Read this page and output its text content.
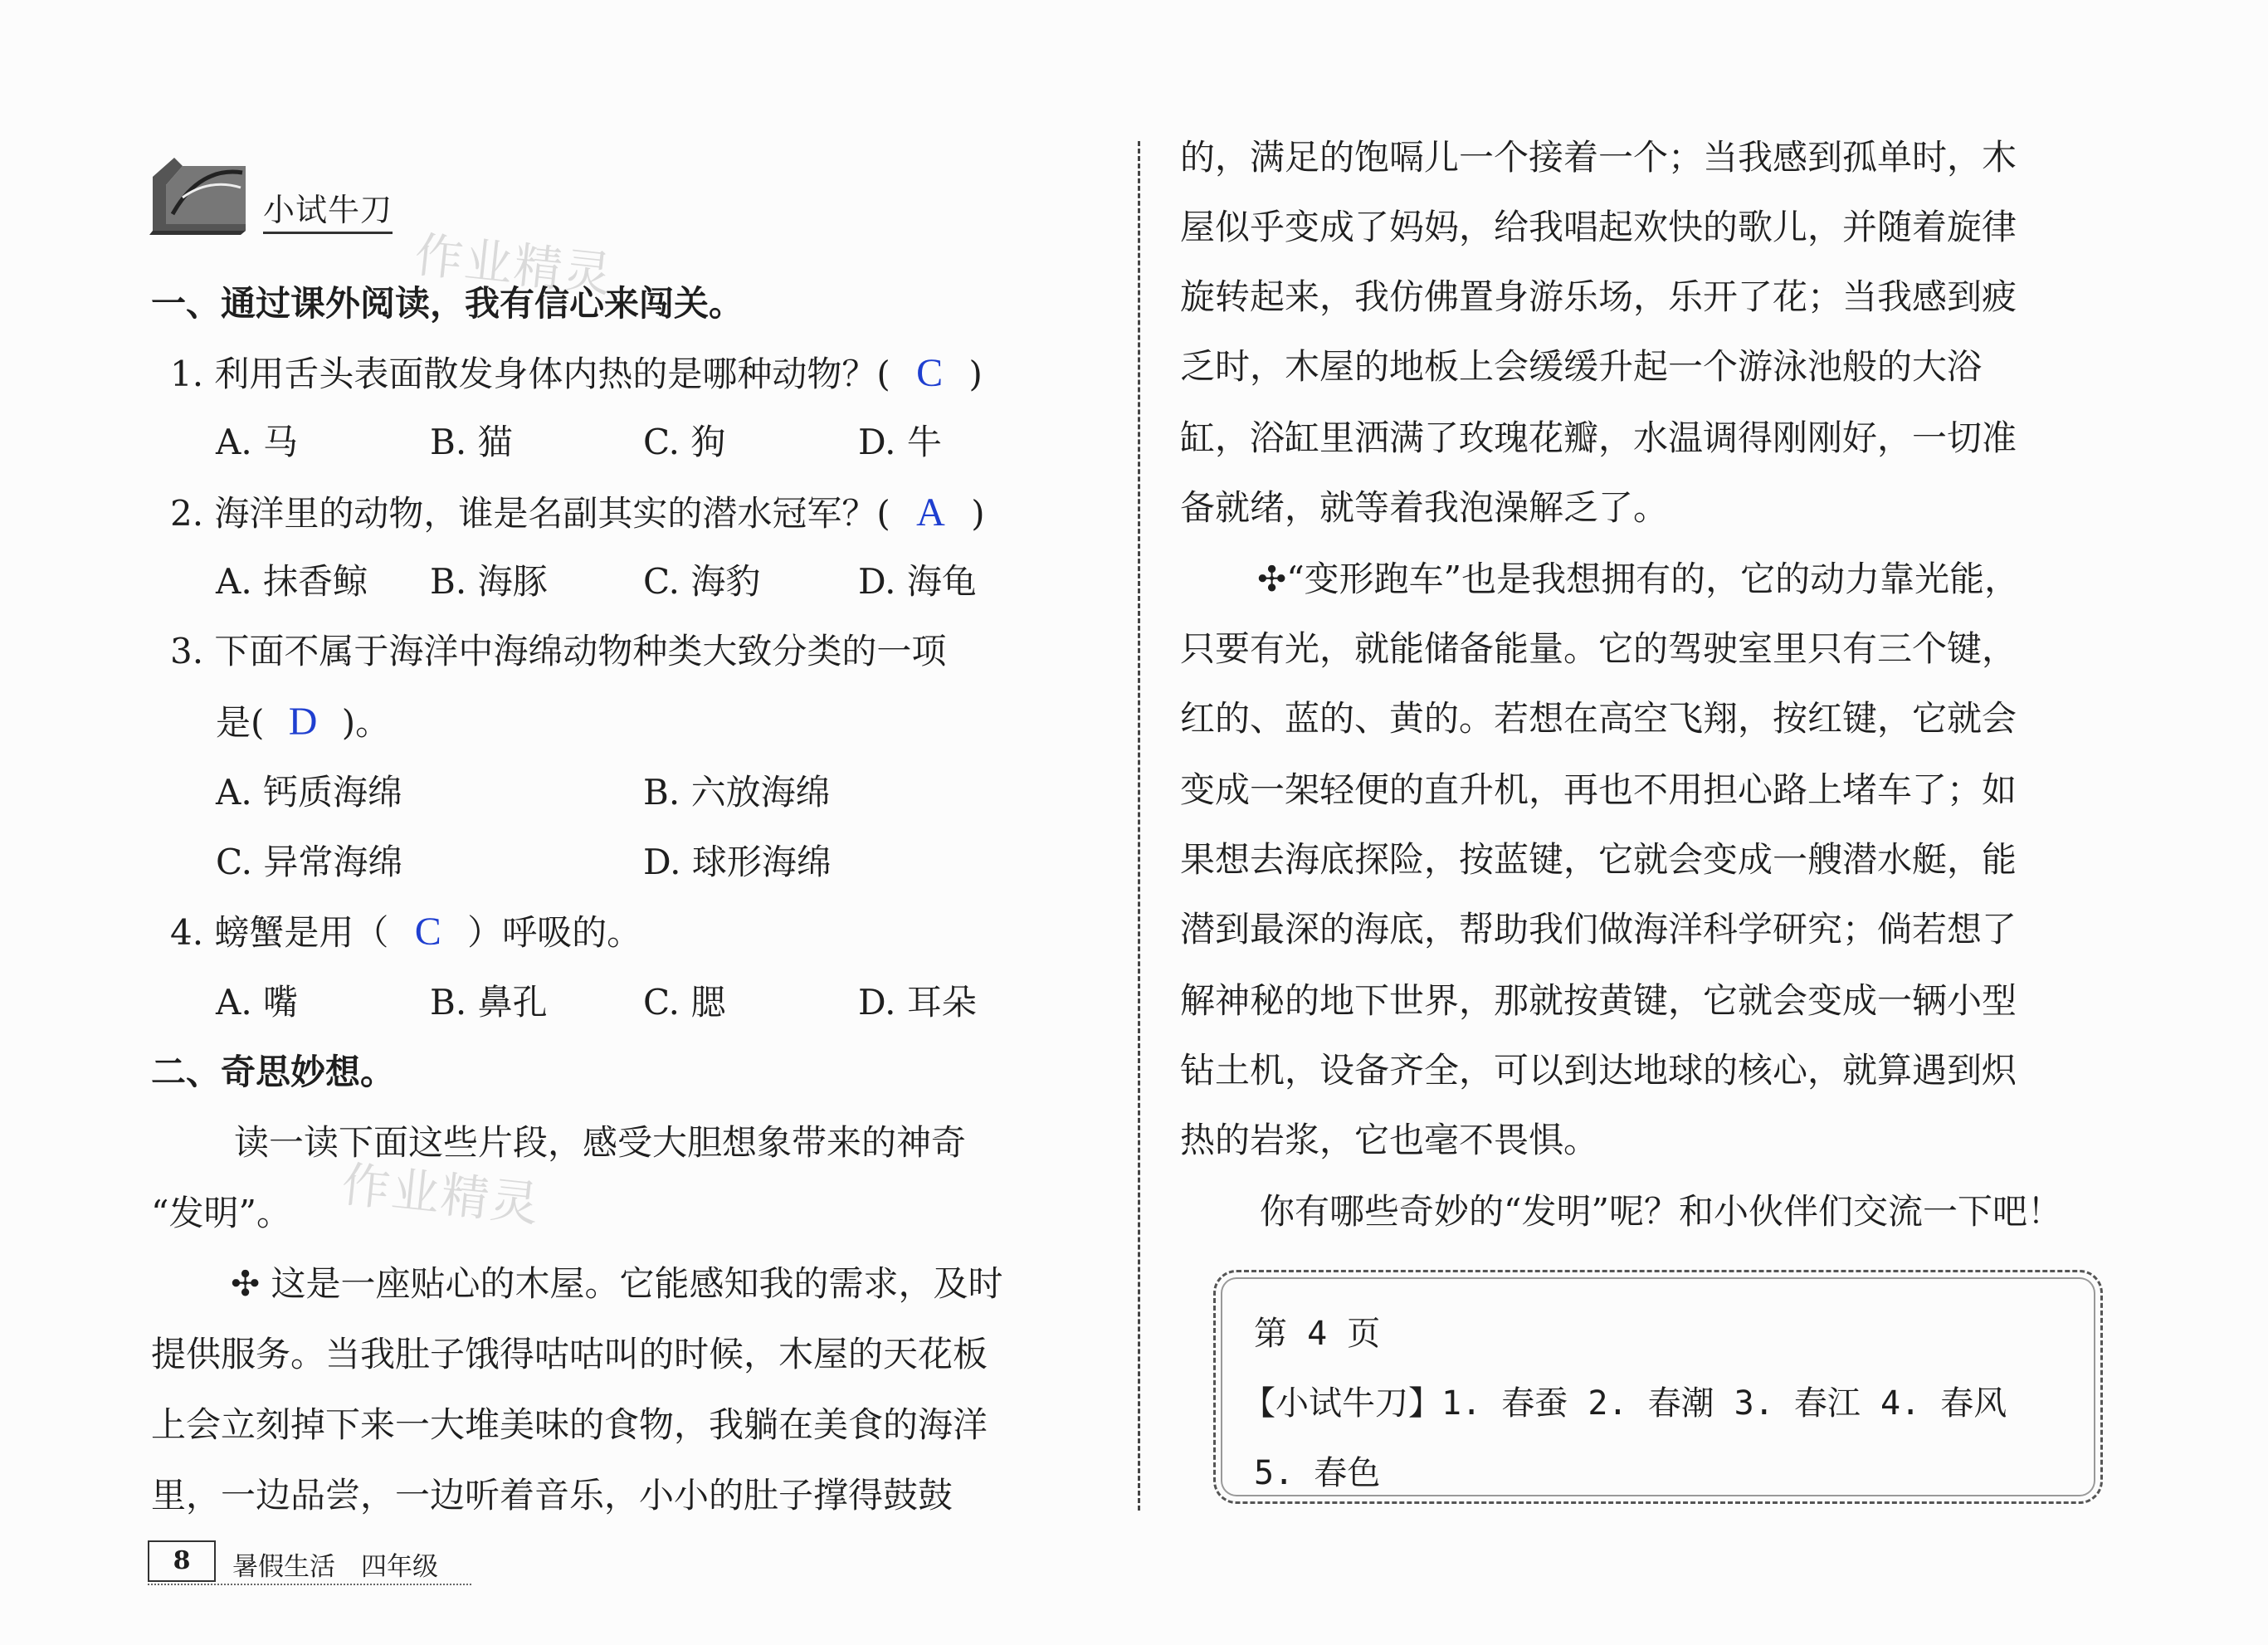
小试牛刀
作业精灵
一、通过课外阅读，我有信心来闯关。
1. 利用舌头表面散发身体内热的是哪种动物？( C )
A. 马	B. 猫	C. 狗	D. 牛
2. 海洋里的动物，谁是名副其实的潜水冠军？( A )
A. 抹香鲸 B. 海豚	C. 海豹	D. 海龟
3. 下面不属于海洋中海绵动物种类大致分类的一项
是( D )。
A. 钙质海绵	B. 六放海绵
C. 异常海绵	D. 球形海绵
4. 螃蟹是用（ C ）呼吸的。
A. 嘴	B. 鼻孔	C. 腮	D. 耳朵
二、奇思妙想。
读一读下面这些片段，感受大胆想象带来的神奇
“发明”。 作业精灵
✣ 这是一座贴心的木屋。它能感知我的需求，及时
提供服务。当我肚子饿得咕咕叫的时候，木屋的天花板
上会立刻掉下来一大堆美味的食物，我躺在美食的海洋
里，一边品尝，一边听着音乐，小小的肚子撑得鼓鼓
的，满足的饱嗝儿一个接着一个；当我感到孤单时，木
屋似乎变成了妈妈，给我唱起欢快的歌儿，并随着旋律
旋转起来，我仿佛置身游乐场，乐开了花；当我感到疲
乏时，木屋的地板上会缓缓升起一个游泳池般的大浴
缸，浴缸里洒满了玫瑰花瓣，水温调得刚刚好，一切准
备就绪，就等着我泡澡解乏了。
✣“变形跑车”也是我想拥有的，它的动力靠光能，
只要有光，就能储备能量。它的驾驶室里只有三个键，
红的、蓝的、黄的。若想在高空飞翔，按红键，它就会
变成一架轻便的直升机，再也不用担心路上堵车了；如
果想去海底探险，按蓝键，它就会变成一艘潜水艇，能
潜到最深的海底，帮助我们做海洋科学研究；倘若想了
解神秘的地下世界，那就按黄键，它就会变成一辆小型
钻土机，设备齐全，可以到达地球的核心，就算遇到炽
热的岩浆，它也毫不畏惧。
你有哪些奇妙的“发明”呢？和小伙伴们交流一下吧！
第 4 页
【小试牛刀】1. 春蚕 2. 春潮 3. 春江 4. 春风
5. 春色
8	暑假生活　四年级
